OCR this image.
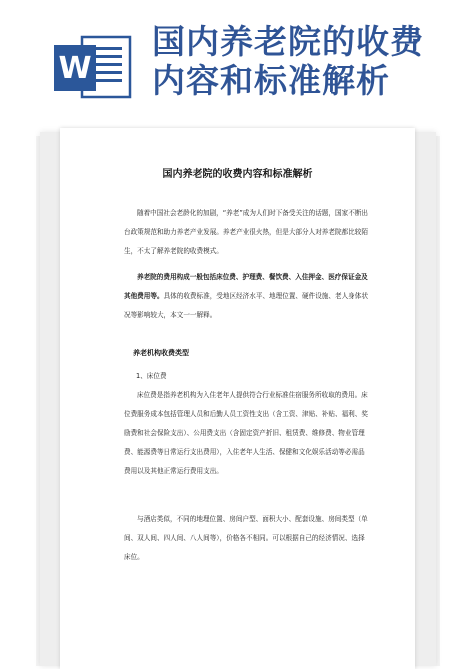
W
国内养老院的收费
内容和标准解析
国内养老院的收费内容和标准解析
随着中国社会老龄化的加剧，“养老”成为人们时下备受关注的话题，国家不断出台政策规范和助力养老产业发展。养老产业很火热，但是大部分人对养老院都比较陌生，不太了解养老院的收费模式。
养老院的费用构成一般包括床位费、护理费、餐饮费、入住押金、医疗保证金及其他费用等。具体的收费标准，受地区经济水平、地理位置、硬件设施、老人身体状况等影响较大，本文一一解释。
养老机构收费类型
1、床位费
床位费是指养老机构为入住老年人提供符合行业标准住宿服务所收取的费用。床位费服务成本包括管理人员和后勤人员工资性支出（含工资、津贴、补贴、福利、奖励费和社会保险支出）、公用费支出（含固定资产折旧、租赁费、维修费、物业管理费、能源费等日常运行支出费用），入住老年人生活、保健和文化娱乐活动等必需品费用以及其他正常运行费用支出。
与酒店类似，不同的地理位置、房间户型、面积大小、配套设施、房间类型（单间、双人间、四人间、八人间等），价格各不相同。可以根据自己的经济情况、选择床位。
